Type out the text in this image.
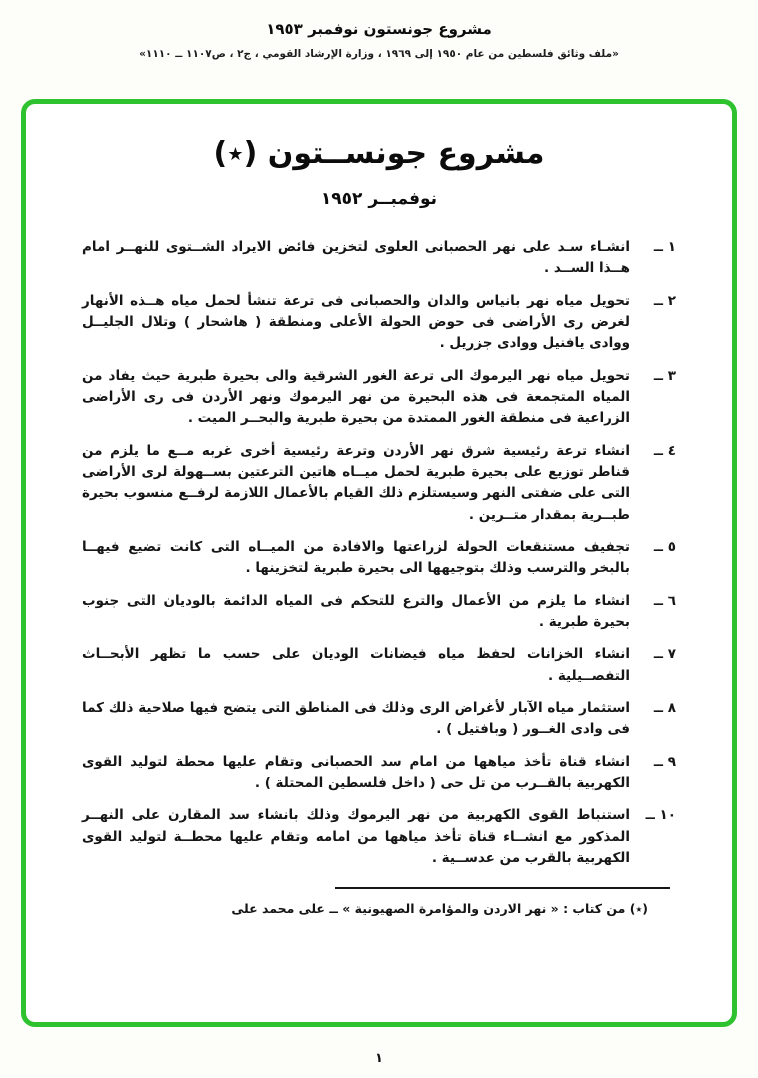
مشروع جونستون نوفمبر ١٩٥٣
«ملف وثائق فلسطين من عام ١٩٥٠ إلى ١٩٦٩ ، وزارة الإرشاد القومي ، ج٢ ، ص١١٠٧ ــ ١١١٠»
مشروع جونســتون (٭)
نوفمبــر ١٩٥٢
١ ــ
انشـاء سـد على نهر الحصبانى العلوى لتخزين فائض الايراد الشــتوى للنهــر امام هــذا الســد .
٢ ــ
تحويل مياه نهر بانياس والدان والحصبانى فى ترعة تنشأ لحمل مياه هــذه الأنهار لغرض رى الأراضى فى حوض الحولة الأعلى ومنطقة ( هاشحار ) وتلال الجليــل ووادى يافنيل ووادى جزريل .
٣ ــ
تحويل مياه نهر اليرموك الى ترعة الغور الشرقية والى بحيرة طبرية حيث يفاد من المياه المتجمعة فى هذه البحيرة من نهر اليرموك ونهر الأردن فى رى الأراضى الزراعية فى منطقة الغور الممتدة من بحيرة طبرية والبحــر الميت .
٤ ــ
انشاء ترعة رئيسية شرق نهر الأردن وترعة رئيسية أخرى غربه مــع ما يلزم من قناطر توزيع على بحيرة طبرية لحمل ميــاه هاتين الترعتين بســهولة لرى الأراضى التى على ضفتى النهر وسيستلزم ذلك القيام بالأعمال اللازمة لرفــع منسوب بحيرة طبــرية بمقدار متــرين .
٥ ــ
تجفيف مستنقعات الحولة لزراعتها والافادة من الميــاه التى كانت تضيع فيهــا بالبخر والترسب وذلك بتوجيهها الى بحيرة طبرية لتخزينها .
٦ ــ
انشاء ما يلزم من الأعمال والترع للتحكم فى المياه الدائمة بالوديان التى جنوب بحيرة طبرية .
٧ ــ
انشاء الخزانات لحفظ مياه فيضانات الوديان على حسب ما تظهر الأبحــاث التفصــيلية .
٨ ــ
استثمار مياه الآبار لأغراض الرى وذلك فى المناطق التى يتضح فيها صلاحية ذلك كما فى وادى الغــور ( وبافتيل ) .
٩ ــ
انشاء قناة تأخذ مياهها من امام سد الحصبانى وتقام عليها محطة لتوليد القوى الكهربية بالقــرب من تل حى ( داخل فلسطين المحتلة ) .
١٠ ــ
استنباط القوى الكهربية من نهر اليرموك وذلك بانشاء سد المقارن على النهــر المذكور مع انشــاء قناة تأخذ مياهها من امامه وتقام عليها محطــة لتوليد القوى الكهربية بالقرب من عدســية .
(٭) من كتاب : « نهر الاردن والمؤامرة الصهيونية » ــ على محمد على
١
